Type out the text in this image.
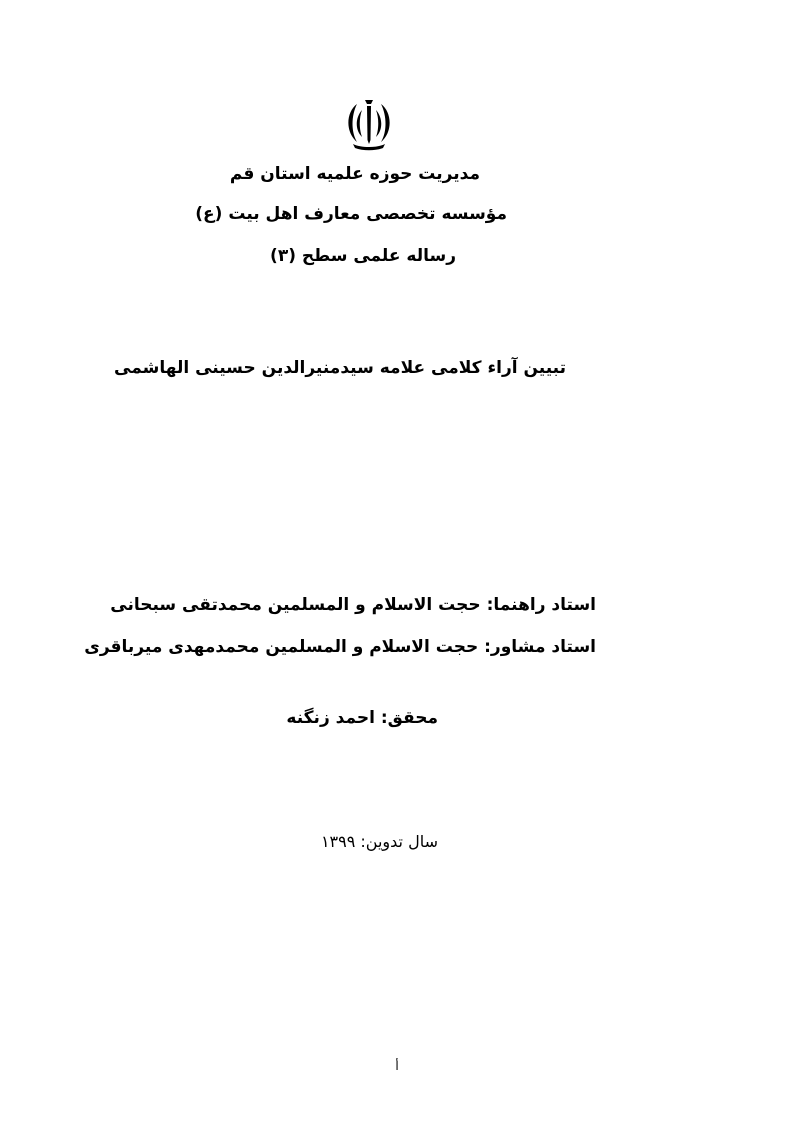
مدیریت حوزه علمیه استان قم
مؤسسه تخصصی معارف اهل بیت (ع)
رساله علمی سطح (۳)
تبیین آراء کلامی علامه سیدمنیرالدین حسینی الهاشمی
استاد راهنما: حجت الاسلام و المسلمین محمدتقی سبحانی
استاد مشاور: حجت الاسلام و المسلمین محمدمهدی میرباقری
محقق: احمد زنگنه
سال تدوین: ۱۳۹۹
أ
